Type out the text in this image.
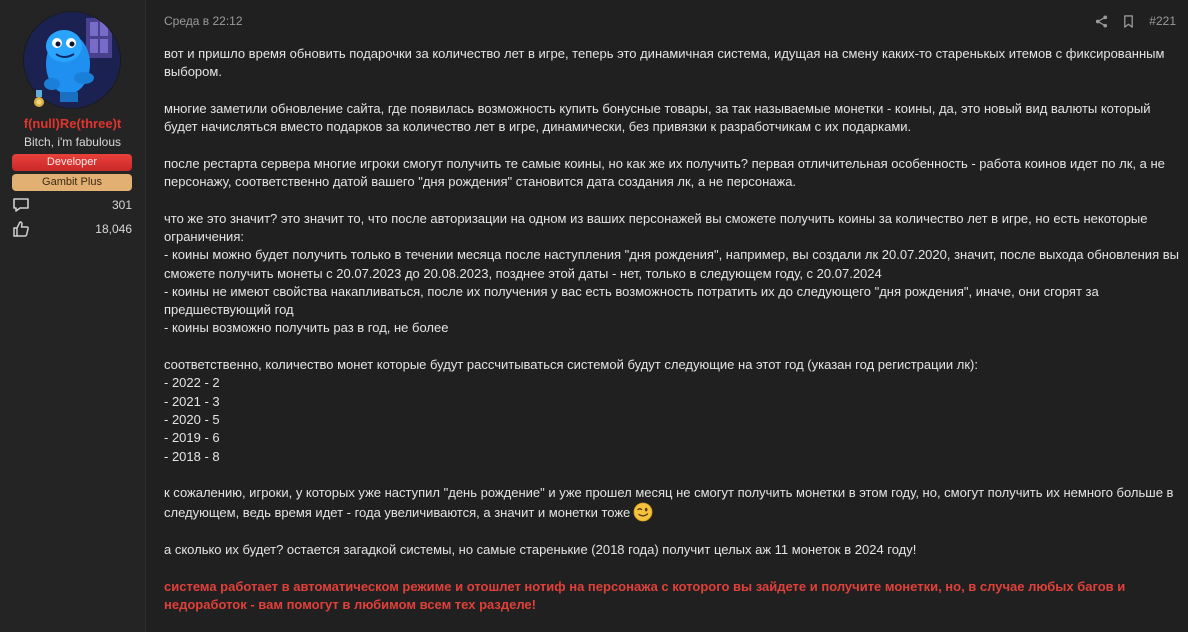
f(null)Re(three)t
Bitch, i'm fabulous
Developer
Gambit Plus
301
18,046
Среда в 22:12	#221

вот и пришло время обновить подарочки за количество лет в игре, теперь это динамичная система, идущая на смену каких-то старенькых итемов с фиксированным выбором.

многие заметили обновление сайта, где появилась возможность купить бонусные товары, за так называемые монетки - коины, да, это новый вид валюты который будет начисляться вместо подарков за количество лет в игре, динамически, без привязки к разработчикам с их подарками.

после рестарта сервера многие игроки смогут получить те самые коины, но как же их получить? первая отличительная особенность - работа коинов идет по лк, а не персонажу, соответственно датой вашего "дня рождения" становится дата создания лк, а не персонажа.

что же это значит? это значит то, что после авторизации на одном из ваших персонажей вы сможете получить коины за количество лет в игре, но есть некоторые ограничения:

- коины можно будет получить только в течении месяца после наступления "дня рождения", например, вы создали лк 20.07.2020, значит, после выхода обновления вы сможете получить монеты с 20.07.2023 до 20.08.2023, позднее этой даты - нет, только в следующем году, с 20.07.2024

- коины не имеют свойства накапливаться, после их получения у вас есть возможность потратить их до следующего "дня рождения", иначе, они сгорят за предшествующий год

- коины возможно получить раз в год, не более

соответственно, количество монет которые будут рассчитываться системой будут следующие на этот год (указан год регистрации лк):

- 2022 - 2

- 2021 - 3

- 2020 - 5

- 2019 - 6

- 2018 - 8

к сожалению, игроки, у которых уже наступил "день рождение" и уже прошел месяц не смогут получить монетки в этом году, но, смогут получить их немного больше в следующем, ведь время идет - года увеличиваются, а значит и монетки тоже

а сколько их будет? остается загадкой системы, но самые старенькие (2018 года) получит целых аж 11 монеток в 2024 году!

система работает в автоматическом режиме и отошлет нотиф на персонажа с которого вы зайдете и получите монетки, но, в случае любых багов и недоработок - вам помогут в любимом всем тех разделе!
